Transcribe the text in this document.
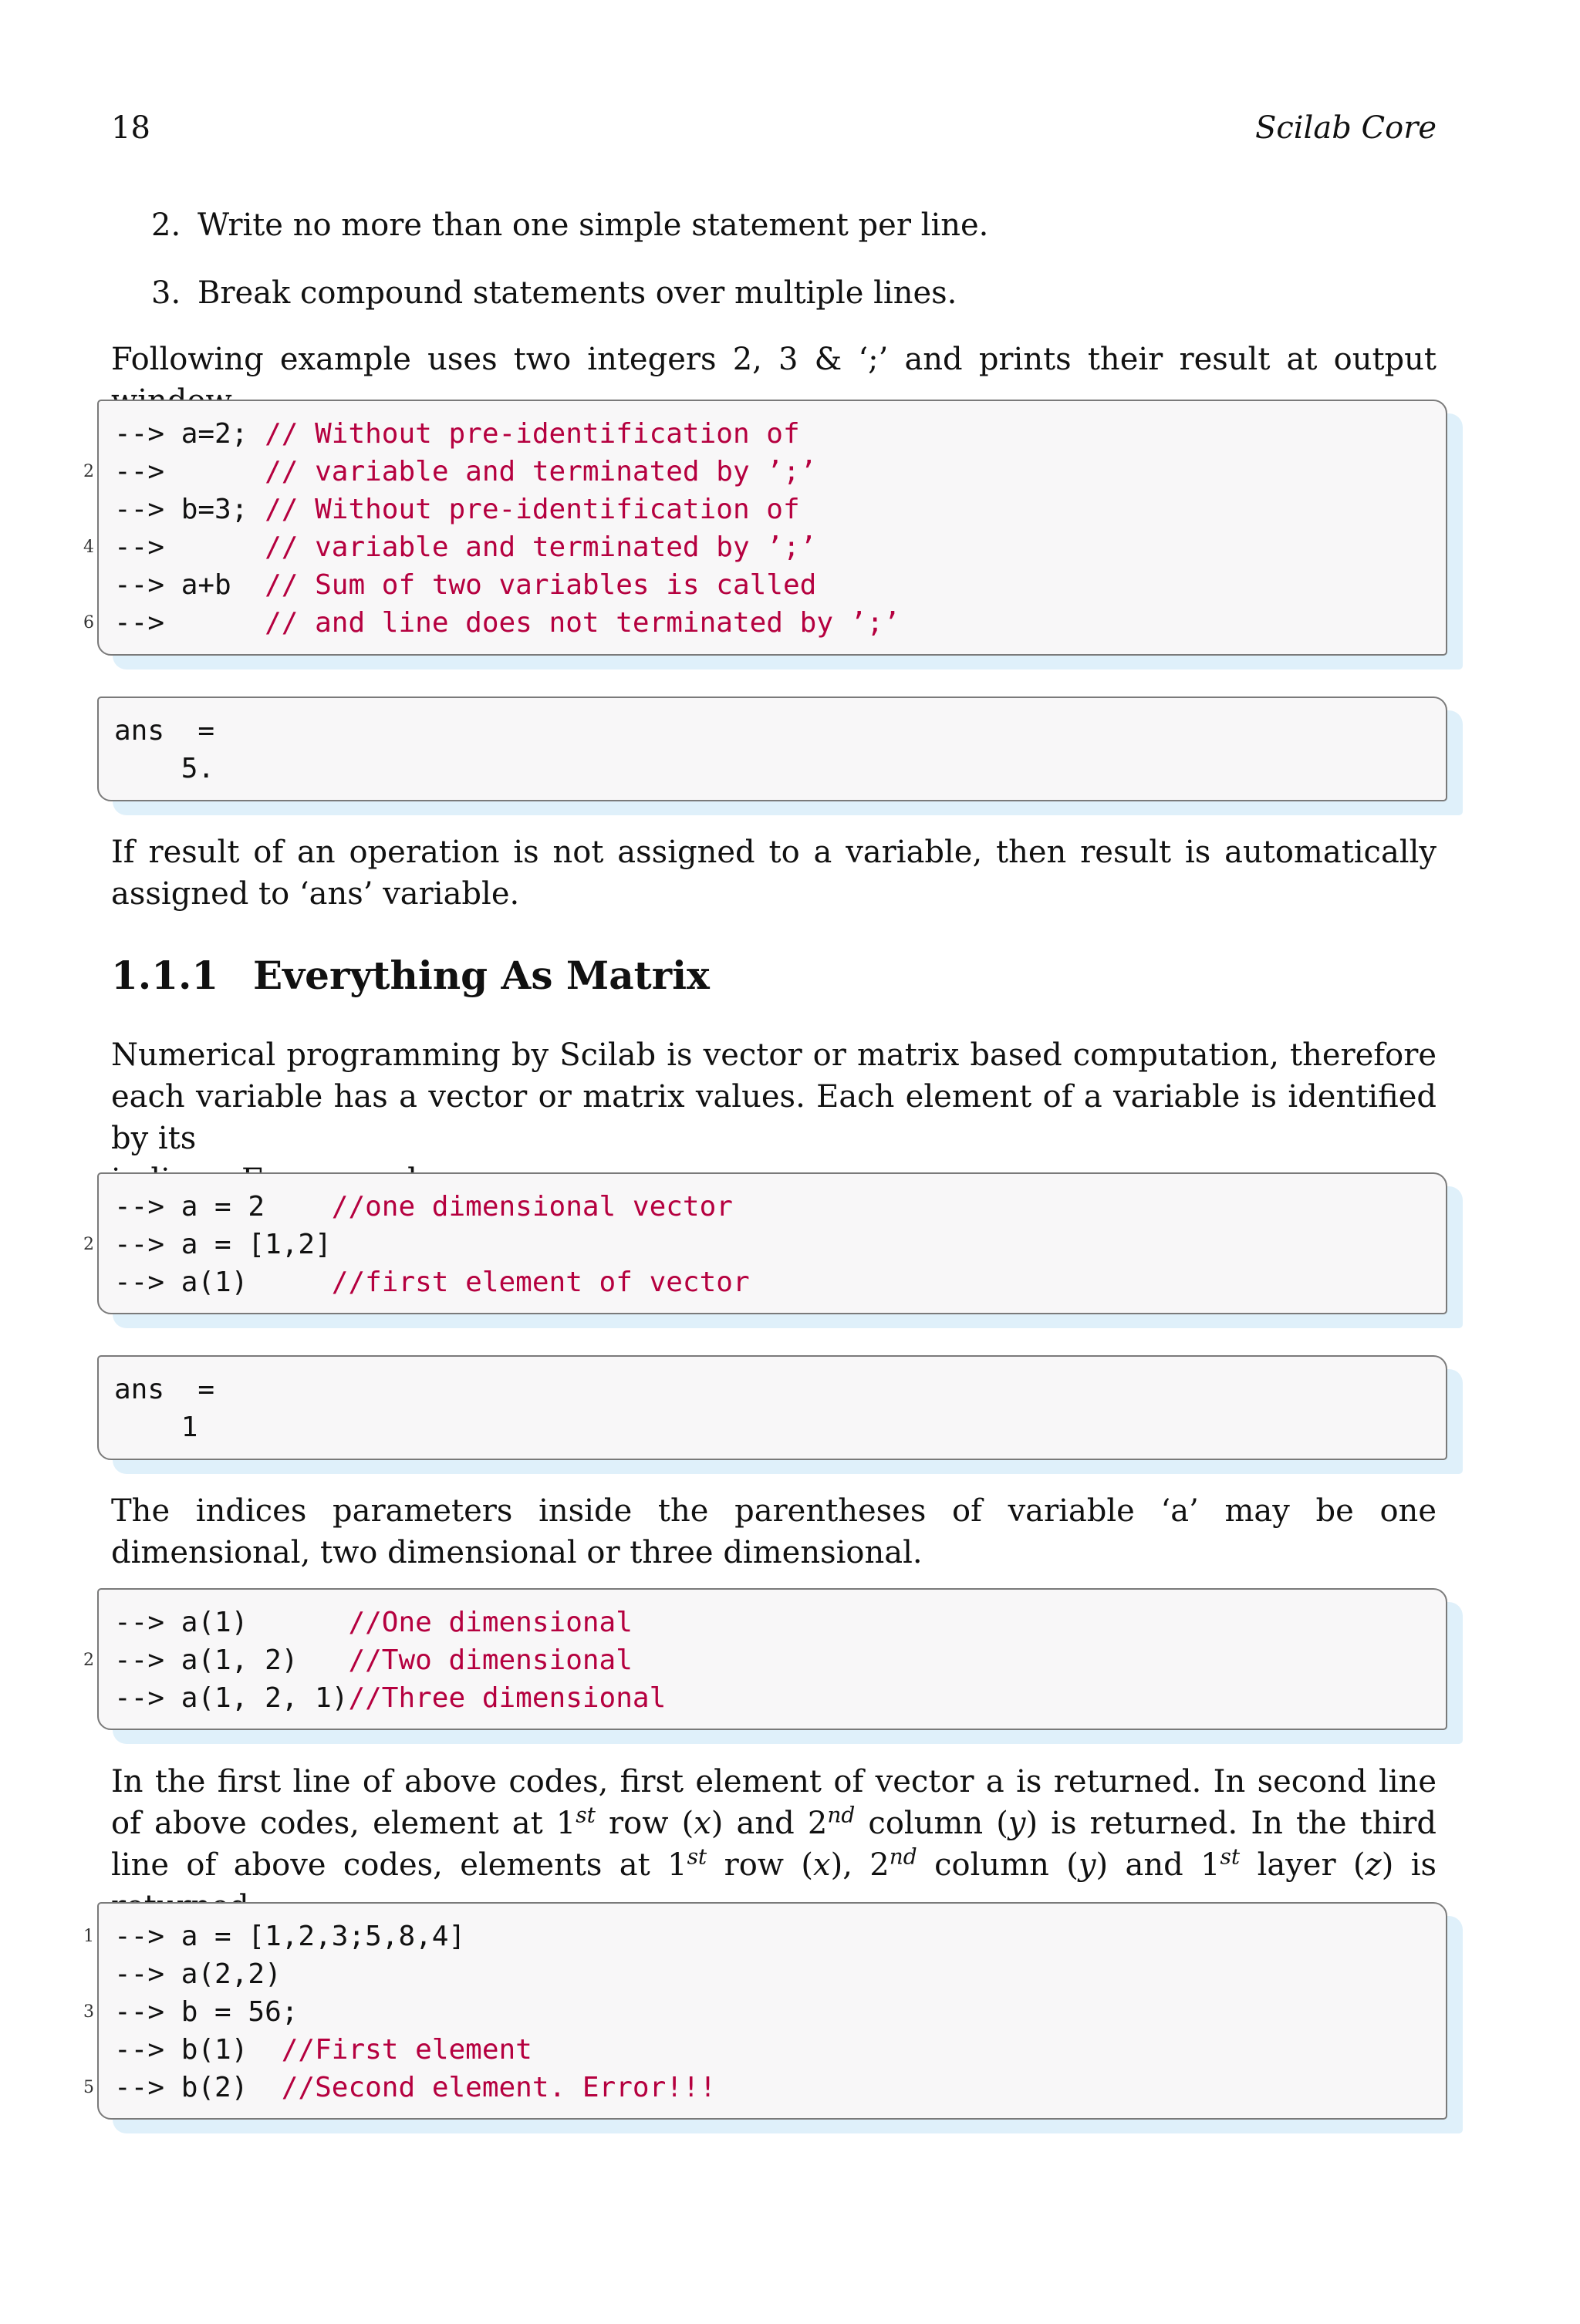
18	Scilab Core
2. Write no more than one simple statement per line.
3. Break compound statements over multiple lines.

Following example uses two integers 2, 3 & ‘;’ and prints their result at output

--> a=2; // Without pre-identification of
2 -->      // variable and terminated by ’;’
--> b=3; // Without pre-identification of
4 -->      // variable and terminated by ’;’
--> a+b  // Sum of two variables is called
6 -->      // and line does not terminated by ’;’
ans  =
5.

If result of an operation is not assigned to a variable, then result is automatically assigned to ‘ans’ variable.

1.1.1 Everything As Matrix

Numerical programming by Scilab is vector or matrix based computation, therefore each variable has a vector or matrix values. Each element of a variable is identified by its

--> a = 2    //one dimensional vector
2 --> a = [1,2]
--> a(1)     //first element of vector
ans  =
1

The indices parameters inside the parentheses of variable ‘a’ may be one dimensional, two dimensional or three dimensional.

--> a(1)      //One dimensional
2 --> a(1, 2)   //Two dimensional
--> a(1, 2, 1)//Three dimensional

In the first line of above codes, first element of vector a is returned. In second line of above codes, element at 1st row (x) and 2nd column (y) is returned. In the third line of above codes, elements at 1st row (x), 2nd column (y) and 1st layer (z) is

1 --> a = [1,2,3;5,8,4]
--> a(2,2)
3 --> b = 56;
--> b(1)  //First element
5 --> b(2)  //Second element. Error!!!
